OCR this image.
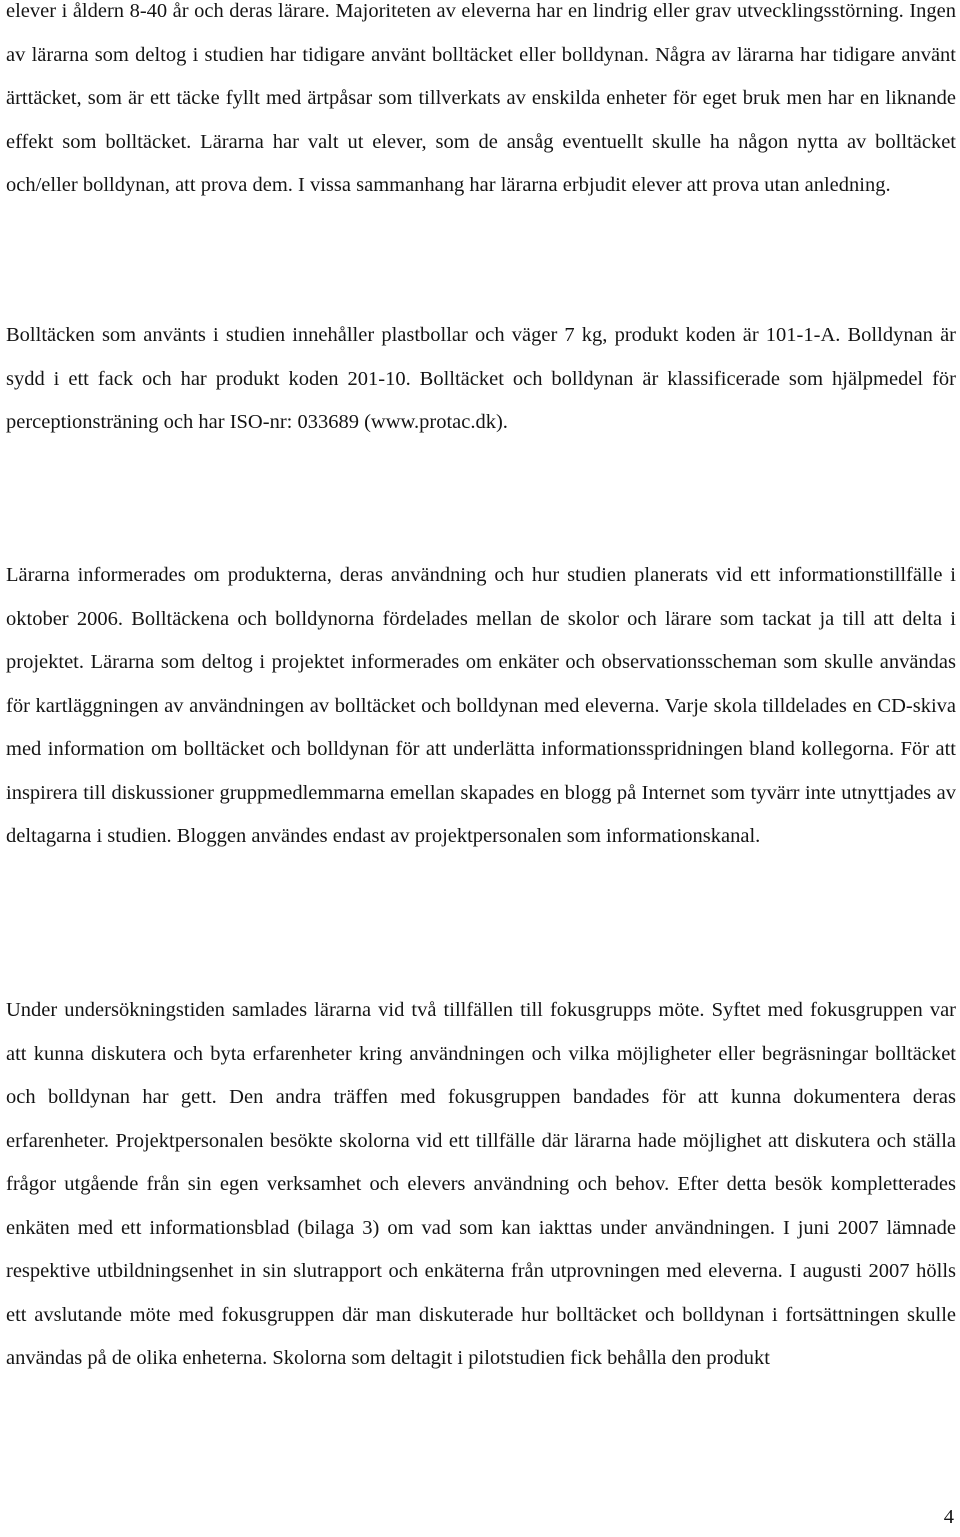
elever i åldern 8-40 år och deras lärare. Majoriteten av eleverna har en lindrig eller grav utvecklingsstörning. Ingen av lärarna som deltog i studien har tidigare använt bolltäcket eller bolldynan. Några av lärarna har tidigare använt ärttäcket, som är ett täcke fyllt med ärtpåsar som tillverkats av enskilda enheter för eget bruk men har en liknande effekt som bolltäcket. Lärarna har valt ut elever, som de ansåg eventuellt skulle ha någon nytta av bolltäcket och/eller bolldynan, att prova dem. I vissa sammanhang har lärarna erbjudit elever att prova utan anledning.

Bolltäcken som använts i studien innehåller plastbollar och väger 7 kg, produkt koden är 101-1-A. Bolldynan är sydd i ett fack och har produkt koden 201-10. Bolltäcket och bolldynan är klassificerade som hjälpmedel för perceptionsträning och har ISO-nr: 033689 (www.protac.dk).

Lärarna informerades om produkterna, deras användning och hur studien planerats vid ett informationstillfälle i oktober 2006. Bolltäckena och bolldynorna fördelades mellan de skolor och lärare som tackat ja till att delta i projektet. Lärarna som deltog i projektet informerades om enkäter och observationsscheman som skulle användas för kartläggningen av användningen av bolltäcket och bolldynan med eleverna. Varje skola tilldelades en CD-skiva med information om bolltäcket och bolldynan för att underlätta informationsspridningen bland kollegorna. För att inspirera till diskussioner gruppmedlemmarna emellan skapades en blogg på Internet som tyvärr inte utnyttjades av deltagarna i studien. Bloggen användes endast av projektpersonalen som informationskanal.

Under undersökningstiden samlades lärarna vid två tillfällen till fokusgrupps möte. Syftet med fokusgruppen var att kunna diskutera och byta erfarenheter kring användningen och vilka möjligheter eller begräsningar bolltäcket och bolldynan har gett. Den andra träffen med fokusgruppen bandades för att kunna dokumentera deras erfarenheter. Projektpersonalen besökte skolorna vid ett tillfälle där lärarna hade möjlighet att diskutera och ställa frågor utgående från sin egen verksamhet och elevers användning och behov. Efter detta besök kompletterades enkäten med ett informationsblad (bilaga 3) om vad som kan iakttas under användningen. I juni 2007 lämnade respektive utbildningsenhet in sin slutrapport och enkäterna från utprovningen med eleverna. I augusti 2007 hölls ett avslutande möte med fokusgruppen där man diskuterade hur bolltäcket och bolldynan i fortsättningen skulle användas på de olika enheterna. Skolorna som deltagit i pilotstudien fick behålla den produkt

4
